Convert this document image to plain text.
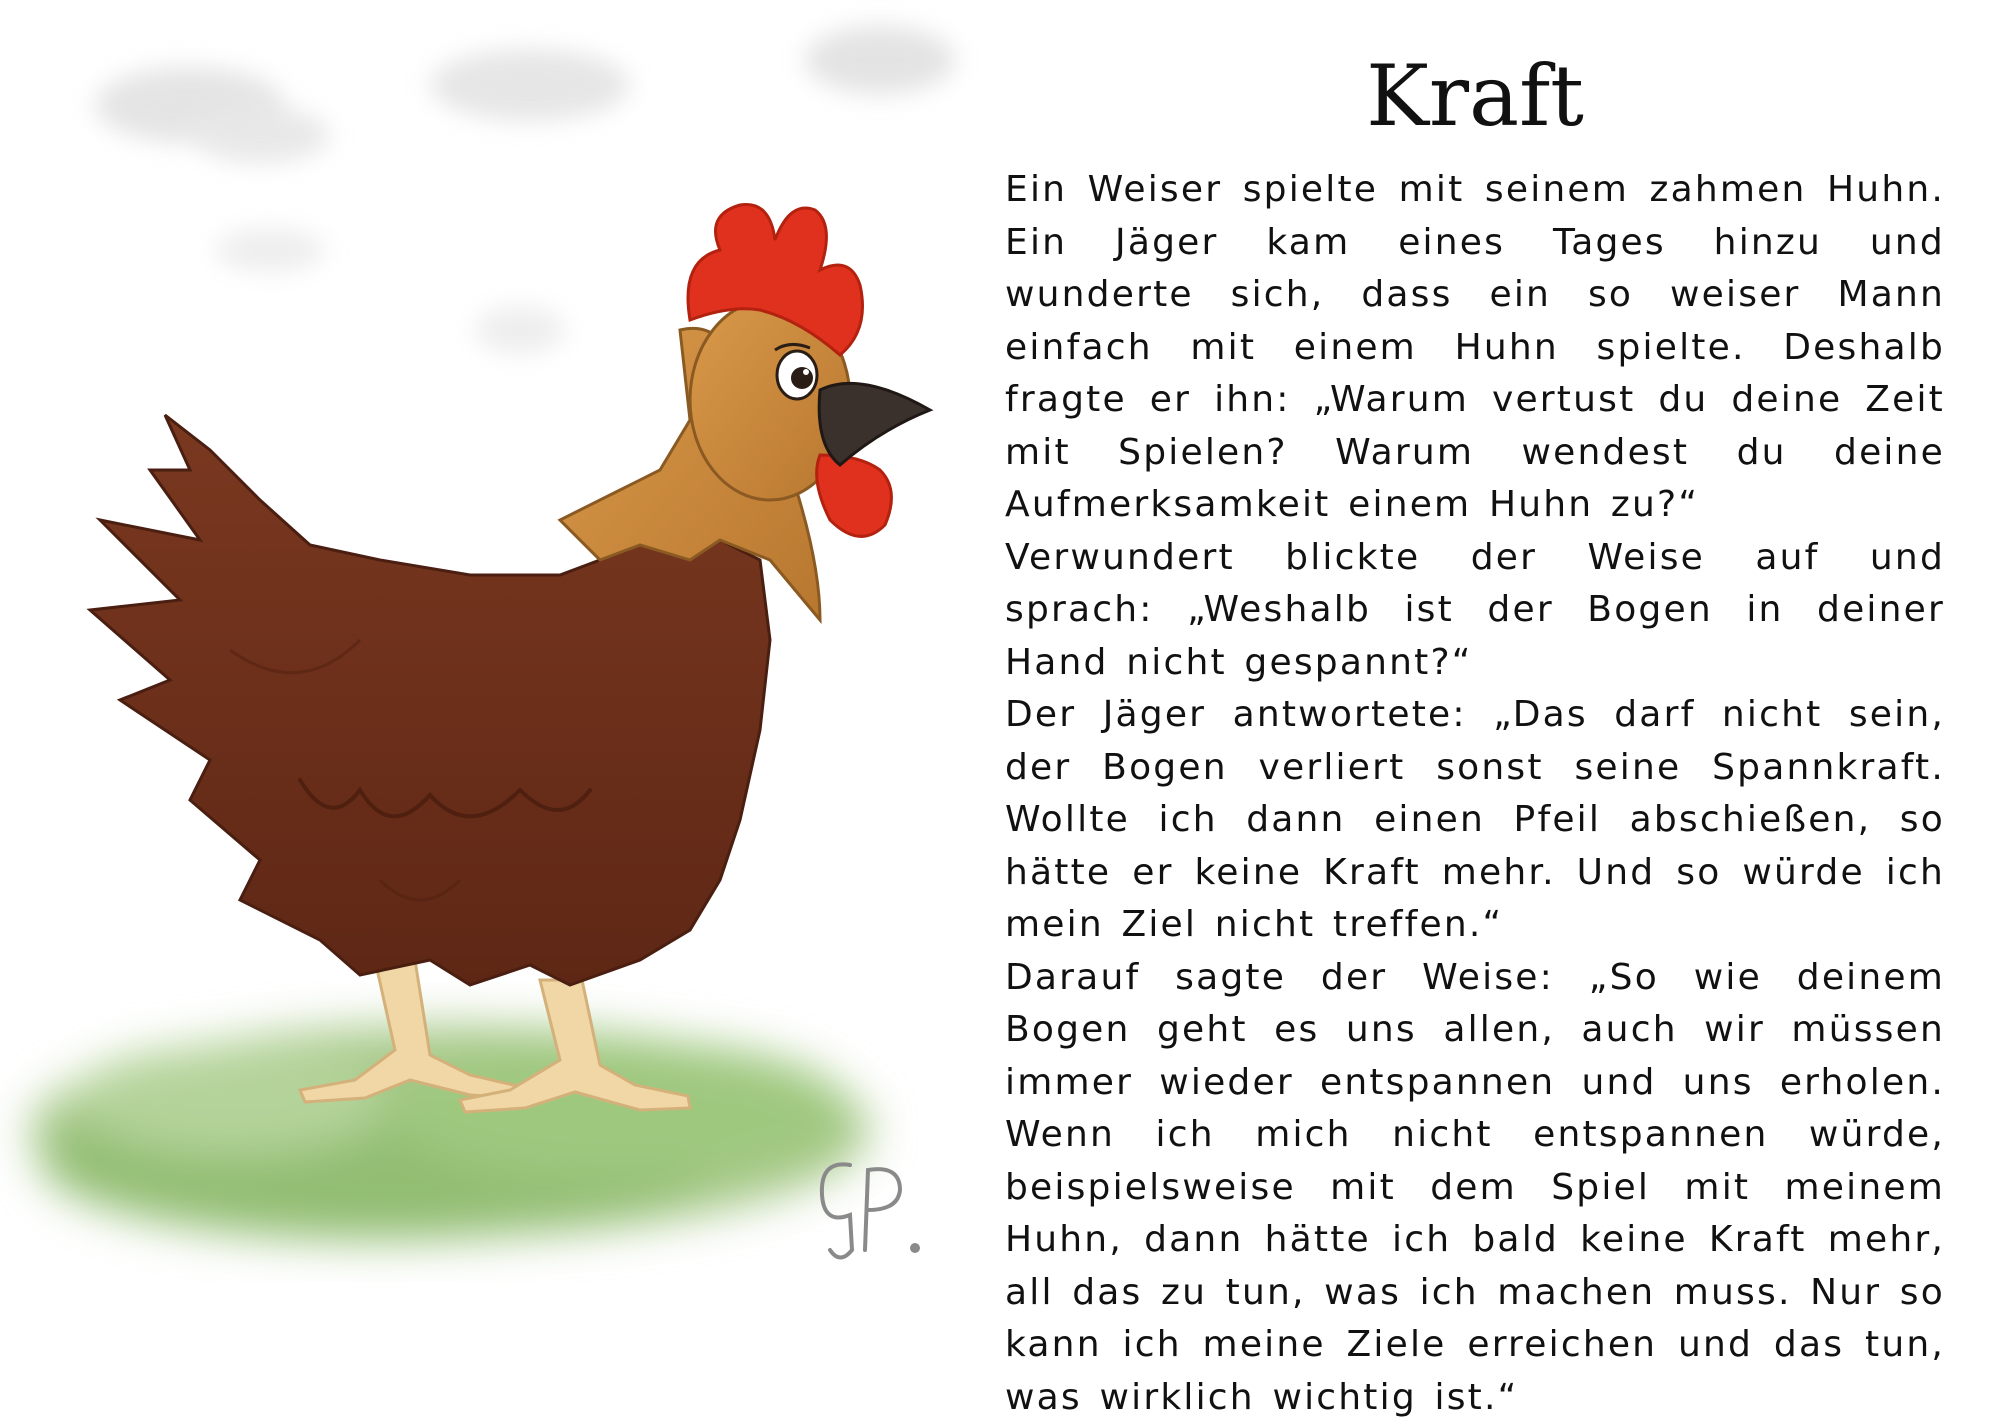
Kraft

Ein Weiser spielte mit seinem zahmen Huhn. Ein Jäger kam eines Tages hinzu und wunderte sich, dass ein so weiser Mann einfach mit einem Huhn spielte. Deshalb fragte er ihn: „Warum vertust du deine Zeit mit Spielen? Warum wendest du deine Aufmerksamkeit einem Huhn zu?“

Verwundert blickte der Weise auf und sprach: „Weshalb ist der Bogen in deiner Hand nicht gespannt?“

Der Jäger antwortete: „Das darf nicht sein, der Bogen verliert sonst seine Spannkraft. Wollte ich dann einen Pfeil abschießen, so hätte er keine Kraft mehr. Und so würde ich mein Ziel nicht treffen.“

Darauf sagte der Weise: „So wie deinem Bogen geht es uns allen, auch wir müssen immer wieder entspannen und uns erholen. Wenn ich mich nicht entspannen würde, beispielsweise mit dem Spiel mit meinem Huhn, dann hätte ich bald keine Kraft mehr, all das zu tun, was ich machen muss. Nur so kann ich meine Ziele erreichen und das tun, was wirklich wichtig ist.“
